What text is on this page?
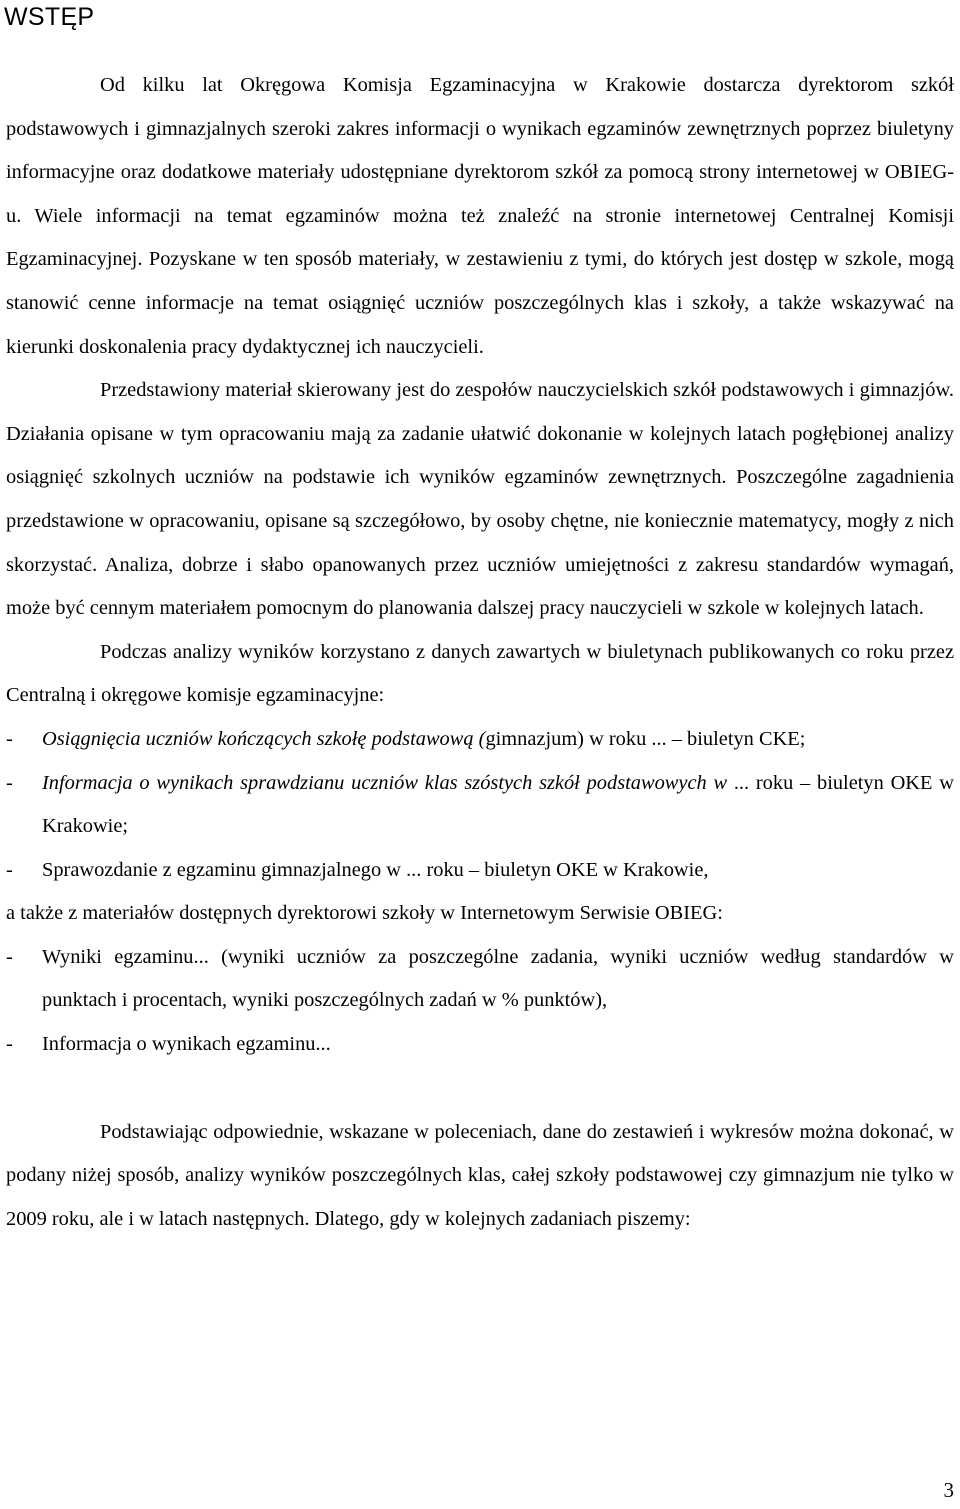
WSTĘP

Od kilku lat Okręgowa Komisja Egzaminacyjna w Krakowie dostarcza dyrektorom szkół podstawowych i gimnazjalnych szeroki zakres informacji o wynikach egzaminów zewnętrznych poprzez biuletyny informacyjne oraz dodatkowe materiały udostępniane dyrektorom szkół za pomocą strony internetowej w OBIEG-u. Wiele informacji na temat egzaminów można też znaleźć na stronie internetowej Centralnej Komisji Egzaminacyjnej. Pozyskane w ten sposób materiały, w zestawieniu z tymi, do których jest dostęp w szkole, mogą stanowić cenne informacje na temat osiągnięć uczniów poszczególnych klas i szkoły, a także wskazywać na kierunki doskonalenia pracy dydaktycznej ich nauczycieli.

Przedstawiony materiał skierowany jest do zespołów nauczycielskich szkół podstawowych i gimnazjów. Działania opisane w tym opracowaniu mają za zadanie ułatwić dokonanie w kolejnych latach pogłębionej analizy osiągnięć szkolnych uczniów na podstawie ich wyników egzaminów zewnętrznych. Poszczególne zagadnienia przedstawione w opracowaniu, opisane są szczegółowo, by osoby chętne, nie koniecznie matematycy, mogły z nich skorzystać. Analiza, dobrze i słabo opanowanych przez uczniów umiejętności z zakresu standardów wymagań, może być cennym materiałem pomocnym do planowania dalszej pracy nauczycieli w szkole w kolejnych latach.

Podczas analizy wyników korzystano z danych zawartych w biuletynach publikowanych co roku przez Centralną i okręgowe komisje egzaminacyjne:

- Osiągnięcia uczniów kończących szkołę podstawową (gimnazjum) w roku ... – biuletyn CKE;
- Informacja o wynikach sprawdzianu uczniów klas szóstych szkół podstawowych w ... roku – biuletyn OKE w Krakowie;
- Sprawozdanie z egzaminu gimnazjalnego w ... roku – biuletyn OKE w Krakowie,

a także z materiałów dostępnych dyrektorowi szkoły w Internetowym Serwisie OBIEG:

- Wyniki egzaminu... (wyniki uczniów za poszczególne zadania, wyniki uczniów według standardów w punktach i procentach, wyniki poszczególnych zadań w % punktów),
- Informacja o wynikach egzaminu...

Podstawiając odpowiednie, wskazane w poleceniach, dane do zestawień i wykresów można dokonać, w podany niżej sposób, analizy wyników poszczególnych klas, całej szkoły podstawowej czy gimnazjum nie tylko w 2009 roku, ale i w latach następnych. Dlatego, gdy w kolejnych zadaniach piszemy:

3
